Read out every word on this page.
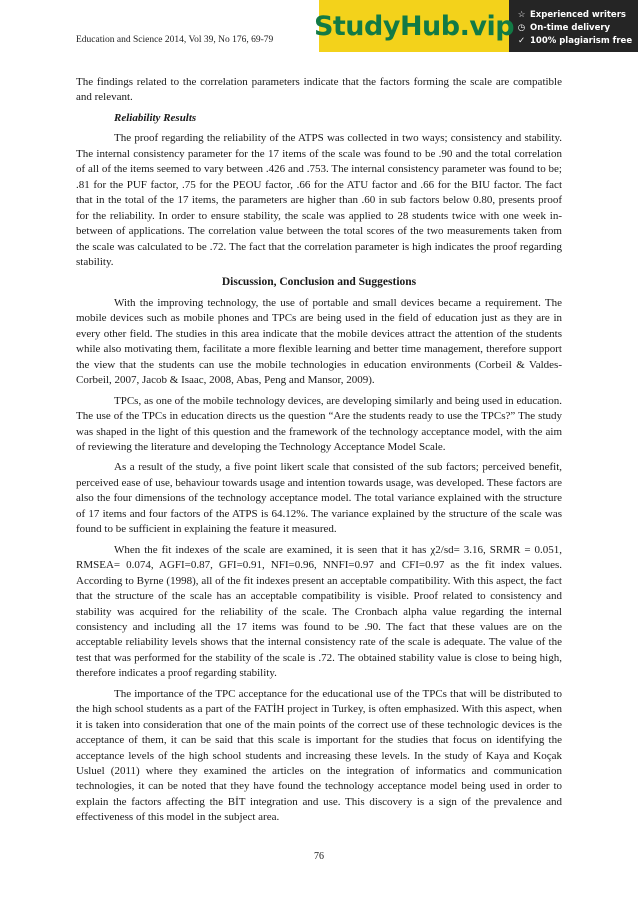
Education and Science 2014, Vol 39, No 176, 69-79 StudyHub.vip ☆ Experienced writers
◷ On-time delivery
✓ 100% plagiarism free

The findings related to the correlation parameters indicate that the factors forming the scale are compatible and relevant.

Reliability Results

The proof regarding the reliability of the ATPS was collected in two ways; consistency and stability. The internal consistency parameter for the 17 items of the scale was found to be .90 and the total correlation of all of the items seemed to vary between .426 and .753. The internal consistency parameter was found to be; .81 for the PUF factor, .75 for the PEOU factor, .66 for the ATU factor and .66 for the BIU factor. The fact that in the total of the 17 items, the parameters are higher than .60 in sub factors below 0.80, presents proof for the reliability. In order to ensure stability, the scale was applied to 28 students twice with one week in-between of applications. The correlation value between the total scores of the two measurements taken from the scale was calculated to be .72. The fact that the correlation parameter is high indicates the proof regarding stability.

Discussion, Conclusion and Suggestions

With the improving technology, the use of portable and small devices became a requirement. The mobile devices such as mobile phones and TPCs are being used in the field of education just as they are in every other field. The studies in this area indicate that the mobile devices attract the attention of the students while also motivating them, facilitate a more flexible learning and better time management, therefore support the view that the students can use the mobile technologies in education environments (Corbeil & Valdes-Corbeil, 2007, Jacob & Isaac, 2008, Abas, Peng and Mansor, 2009).

TPCs, as one of the mobile technology devices, are developing similarly and being used in education. The use of the TPCs in education directs us the question “Are the students ready to use the TPCs?” The study was shaped in the light of this question and the framework of the technology acceptance model, with the aim of reviewing the literature and developing the Technology Acceptance Model Scale.

As a result of the study, a five point likert scale that consisted of the sub factors; perceived benefit, perceived ease of use, behaviour towards usage and intention towards usage, was developed. These factors are also the four dimensions of the technology acceptance model. The total variance explained with the structure of 17 items and four factors of the ATPS is 64.12%. The variance explained by the structure of the scale was found to be sufficient in explaining the feature it measured.

When the fit indexes of the scale are examined, it is seen that it has χ2/sd= 3.16, SRMR = 0.051, RMSEA= 0.074, AGFI=0.87, GFI=0.91, NFI=0.96, NNFI=0.97 and CFI=0.97 as the fit index values. According to Byrne (1998), all of the fit indexes present an acceptable compatibility. With this aspect, the fact that the structure of the scale has an acceptable compatibility is visible. Proof related to consistency and stability was acquired for the reliability of the scale. The Cronbach alpha value regarding the internal consistency and including all the 17 items was found to be .90. The fact that these values are on the acceptable reliability levels shows that the internal consistency rate of the scale is adequate. The value of the test that was performed for the stability of the scale is .72. The obtained stability value is close to being high, therefore indicates a proof regarding stability.

The importance of the TPC acceptance for the educational use of the TPCs that will be distributed to the high school students as a part of the FATİH project in Turkey, is often emphasized. With this aspect, when it is taken into consideration that one of the main points of the correct use of these technologic devices is the acceptance of them, it can be said that this scale is important for the studies that focus on identifying the acceptance levels of the high school students and increasing these levels. In the study of Kaya and Koçak Usluel (2011) where they examined the articles on the integration of informatics and communication technologies, it can be noted that they have found the technology acceptance model being used in order to explain the factors affecting the BİT integration and use. This discovery is a sign of the prevalence and effectiveness of this model in the subject area.

76
